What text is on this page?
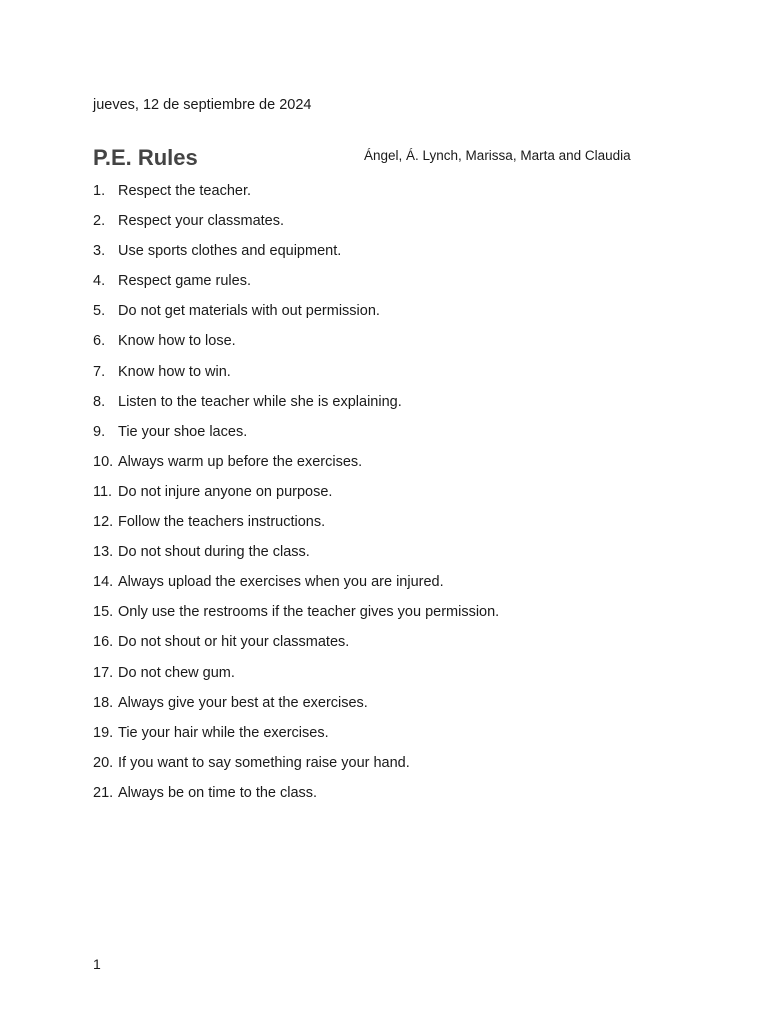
jueves, 12 de septiembre de 2024
P.E. Rules	Ángel, Á. Lynch, Marissa, Marta and Claudia
1. Respect the teacher.
2. Respect your classmates.
3. Use sports clothes and equipment.
4. Respect game rules.
5. Do not get materials with out permission.
6. Know how to lose.
7. Know how to win.
8. Listen to the teacher while she is explaining.
9. Tie your shoe laces.
10. Always warm up before the exercises.
11. Do not injure anyone on purpose.
12. Follow the teachers instructions.
13. Do not shout during the class.
14. Always upload the exercises when you are injured.
15. Only use the restrooms if the teacher gives you permission.
16. Do not shout or hit your classmates.
17. Do not chew gum.
18. Always give your best at the exercises.
19. Tie your hair while the exercises.
20. If you want to say something raise your hand.
21. Always be on time to the class.
1
